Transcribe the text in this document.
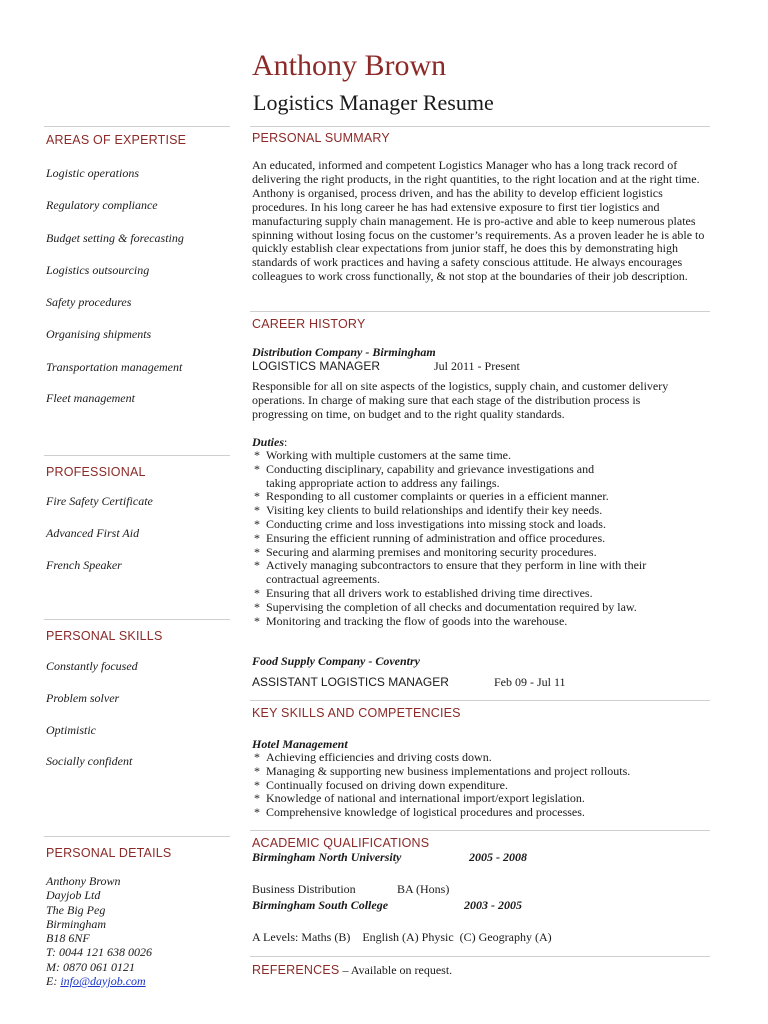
Anthony Brown
Logistics Manager Resume
AREAS OF EXPERTISE
Logistic operations
Regulatory compliance
Budget setting & forecasting
Logistics outsourcing
Safety procedures
Organising shipments
Transportation management
Fleet management
PROFESSIONAL
Fire Safety Certificate
Advanced First Aid
French Speaker
PERSONAL SKILLS
Constantly focused
Problem solver
Optimistic
Socially confident
PERSONAL DETAILS
Anthony Brown
Dayjob Ltd
The Big Peg
Birmingham
B18 6NF
T: 0044 121 638 0026
M: 0870 061 0121
E: info@dayjob.com
PERSONAL SUMMARY
An educated, informed and competent Logistics Manager who has a long track record of delivering the right products, in the right quantities, to the right location and at the right time. Anthony is organised, process driven, and has the ability to develop efficient logistics procedures. In his long career he has had extensive exposure to first tier logistics and manufacturing supply chain management. He is pro-active and able to keep numerous plates spinning without losing focus on the customer’s requirements. As a proven leader he is able to quickly establish clear expectations from junior staff, he does this by demonstrating high standards of work practices and having a safety conscious attitude. He always encourages colleagues to work cross functionally, & not stop at the boundaries of their job description.
CAREER HISTORY
Distribution Company - Birmingham
LOGISTICS MANAGER	Jul 2011 - Present
Responsible for all on site aspects of the logistics, supply chain, and customer delivery operations. In charge of making sure that each stage of the distribution process is progressing on time, on budget and to the right quality standards.
Duties:
* Working with multiple customers at the same time.
* Conducting disciplinary, capability and grievance investigations and taking appropriate action to address any failings.
* Responding to all customer complaints or queries in a efficient manner.
* Visiting key clients to build relationships and identify their key needs.
* Conducting crime and loss investigations into missing stock and loads.
* Ensuring the efficient running of administration and office procedures.
* Securing and alarming premises and monitoring security procedures.
* Actively managing subcontractors to ensure that they perform in line with their contractual agreements.
* Ensuring that all drivers work to established driving time directives.
* Supervising the completion of all checks and documentation required by law.
* Monitoring and tracking the flow of goods into the warehouse.
Food Supply Company - Coventry
ASSISTANT LOGISTICS MANAGER	Feb 09 - Jul 11
KEY SKILLS AND COMPETENCIES
Hotel Management
* Achieving efficiencies and driving costs down.
* Managing & supporting new business implementations and project rollouts.
* Continually focused on driving down expenditure.
* Knowledge of national and international import/export legislation.
* Comprehensive knowledge of logistical procedures and processes.
ACADEMIC QUALIFICATIONS
Birmingham North University	2005 - 2008
Business Distribution	BA (Hons)
Birmingham South College	2003 - 2005
A Levels: Maths (B)    English (A) Physic  (C) Geography (A)
REFERENCES – Available on request.
